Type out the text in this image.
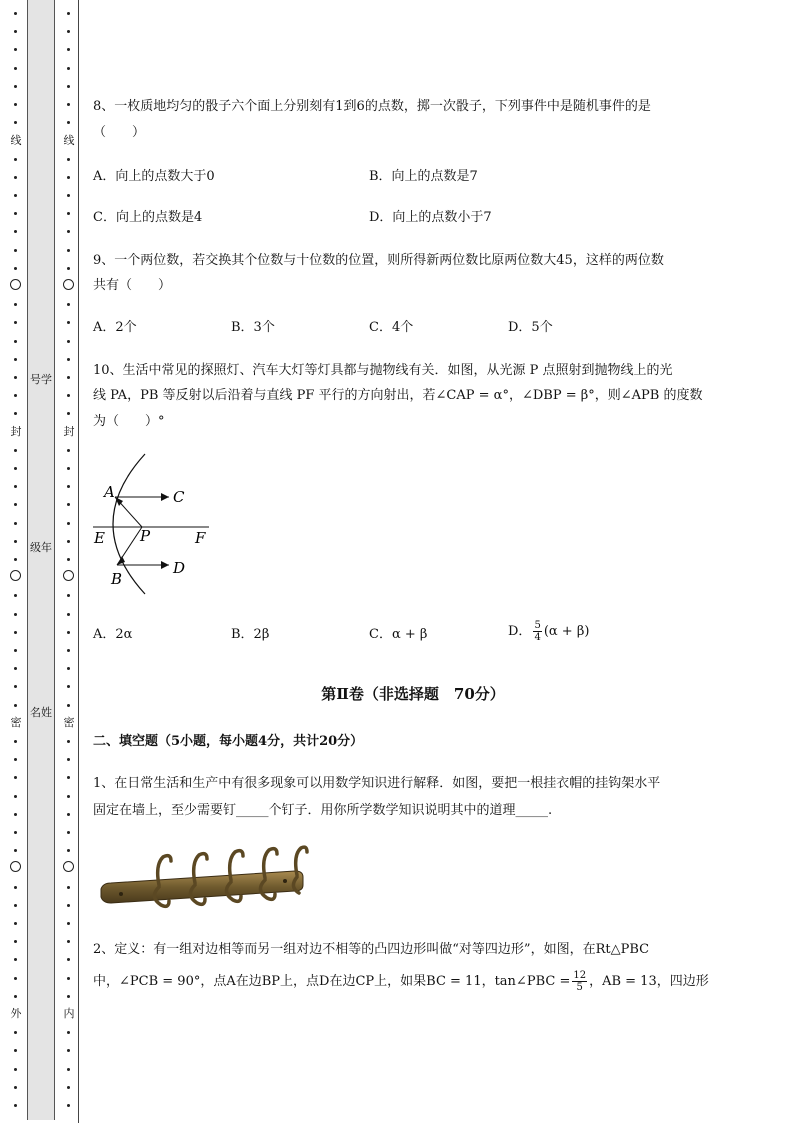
号学
级年
名姓
线
封
密
外
线
封
密
内
8、一枚质地均匀的骰子六个面上分别刻有1到6的点数，掷一次骰子，下列事件中是随机事件的是
（　　）
A．向上的点数大于0	B．向上的点数是7
C．向上的点数是4	D．向上的点数小于7
9、一个两位数，若交换其个位数与十位数的位置，则所得新两位数比原两位数大45，这样的两位数
共有（　　）
A．2个	B．3个	C．4个	D．5个
10、生活中常见的探照灯、汽车大灯等灯具都与抛物线有关．如图，从光源 P 点照射到抛物线上的光
线 PA，PB 等反射以后沿着与直线 PF 平行的方向射出，若∠CAP = α°，∠DBP = β°，则∠APB 的度数
为（　　）°
A	C
E P	F
B
D
A．2α	B．2β	C．α + β	D． $\frac{5}{4} (\alpha + \beta)$
第Ⅱ卷（非选择题　70分）
二、填空题（5小题，每小题4分，共计20分）
1、在日常生活和生产中有很多现象可以用数学知识进行解释．如图，要把一根挂衣帽的挂钩架水平
固定在墙上，至少需要钉_____个钉子．用你所学数学知识说明其中的道理_____.
2、定义：有一组对边相等而另一组对边不相等的凸四边形叫做“对等四边形”，如图，在Rt△PBC
中，∠PCB = 90°，点A在边BP上，点D在边CP上，如果BC = 11，tan∠PBC = $\frac{12}{5}$ ，AB = 13，四边形
